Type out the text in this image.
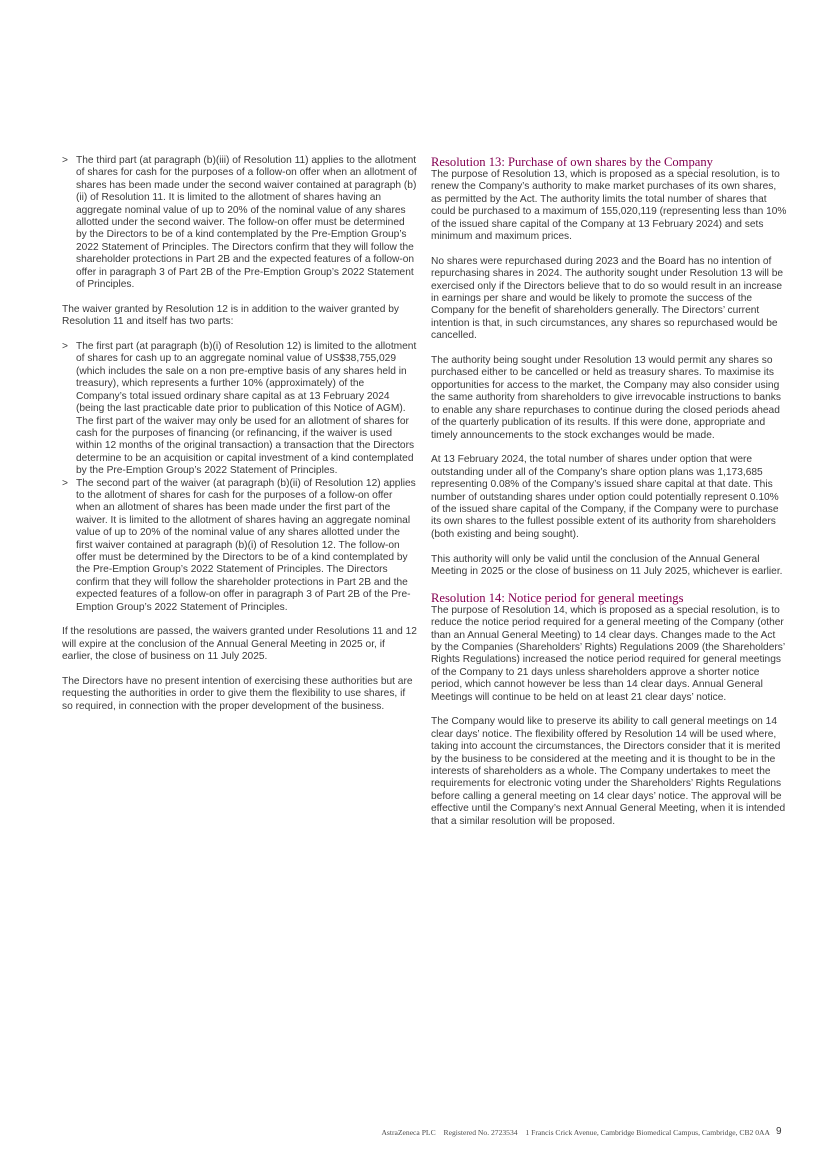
> The third part (at paragraph (b)(iii) of Resolution 11) applies to the allotment of shares for cash for the purposes of a follow-on offer when an allotment of shares has been made under the second waiver contained at paragraph (b)(ii) of Resolution 11. It is limited to the allotment of shares having an aggregate nominal value of up to 20% of the nominal value of any shares allotted under the second waiver. The follow-on offer must be determined by the Directors to be of a kind contemplated by the Pre-Emption Group’s 2022 Statement of Principles. The Directors confirm that they will follow the shareholder protections in Part 2B and the expected features of a follow-on offer in paragraph 3 of Part 2B of the Pre-Emption Group’s 2022 Statement of Principles.

The waiver granted by Resolution 12 is in addition to the waiver granted by Resolution 11 and itself has two parts:

> The first part (at paragraph (b)(i) of Resolution 12) is limited to the allotment of shares for cash up to an aggregate nominal value of US$38,755,029 (which includes the sale on a non pre-emptive basis of any shares held in treasury), which represents a further 10% (approximately) of the Company’s total issued ordinary share capital as at 13 February 2024 (being the last practicable date prior to publication of this Notice of AGM). The first part of the waiver may only be used for an allotment of shares for cash for the purposes of financing (or refinancing, if the waiver is used within 12 months of the original transaction) a transaction that the Directors determine to be an acquisition or capital investment of a kind contemplated by the Pre-Emption Group’s 2022 Statement of Principles.
> The second part of the waiver (at paragraph (b)(ii) of Resolution 12) applies to the allotment of shares for cash for the purposes of a follow-on offer when an allotment of shares has been made under the first part of the waiver. It is limited to the allotment of shares having an aggregate nominal value of up to 20% of the nominal value of any shares allotted under the first waiver contained at paragraph (b)(i) of Resolution 12. The follow-on offer must be determined by the Directors to be of a kind contemplated by the Pre-Emption Group’s 2022 Statement of Principles. The Directors confirm that they will follow the shareholder protections in Part 2B and the expected features of a follow-on offer in paragraph 3 of Part 2B of the Pre-Emption Group’s 2022 Statement of Principles.

If the resolutions are passed, the waivers granted under Resolutions 11 and 12 will expire at the conclusion of the Annual General Meeting in 2025 or, if earlier, the close of business on 11 July 2025.

The Directors have no present intention of exercising these authorities but are requesting the authorities in order to give them the flexibility to use shares, if so required, in connection with the proper development of the business.

Resolution 13: Purchase of own shares by the Company

The purpose of Resolution 13, which is proposed as a special resolution, is to renew the Company’s authority to make market purchases of its own shares, as permitted by the Act. The authority limits the total number of shares that could be purchased to a maximum of 155,020,119 (representing less than 10% of the issued share capital of the Company at 13 February 2024) and sets minimum and maximum prices.

No shares were repurchased during 2023 and the Board has no intention of repurchasing shares in 2024. The authority sought under Resolution 13 will be exercised only if the Directors believe that to do so would result in an increase in earnings per share and would be likely to promote the success of the Company for the benefit of shareholders generally. The Directors’ current intention is that, in such circumstances, any shares so repurchased would be cancelled.

The authority being sought under Resolution 13 would permit any shares so purchased either to be cancelled or held as treasury shares. To maximise its opportunities for access to the market, the Company may also consider using the same authority from shareholders to give irrevocable instructions to banks to enable any share repurchases to continue during the closed periods ahead of the quarterly publication of its results. If this were done, appropriate and timely announcements to the stock exchanges would be made.

At 13 February 2024, the total number of shares under option that were outstanding under all of the Company’s share option plans was 1,173,685 representing 0.08% of the Company’s issued share capital at that date. This number of outstanding shares under option could potentially represent 0.10% of the issued share capital of the Company, if the Company were to purchase its own shares to the fullest possible extent of its authority from shareholders (both existing and being sought).

This authority will only be valid until the conclusion of the Annual General Meeting in 2025 or the close of business on 11 July 2025, whichever is earlier.

Resolution 14: Notice period for general meetings

The purpose of Resolution 14, which is proposed as a special resolution, is to reduce the notice period required for a general meeting of the Company (other than an Annual General Meeting) to 14 clear days. Changes made to the Act by the Companies (Shareholders’ Rights) Regulations 2009 (the Shareholders’ Rights Regulations) increased the notice period required for general meetings of the Company to 21 days unless shareholders approve a shorter notice period, which cannot however be less than 14 clear days. Annual General Meetings will continue to be held on at least 21 clear days’ notice.

The Company would like to preserve its ability to call general meetings on 14 clear days’ notice. The flexibility offered by Resolution 14 will be used where, taking into account the circumstances, the Directors consider that it is merited by the business to be considered at the meeting and it is thought to be in the interests of shareholders as a whole. The Company undertakes to meet the requirements for electronic voting under the Shareholders’ Rights Regulations before calling a general meeting on 14 clear days’ notice. The approval will be effective until the Company’s next Annual General Meeting, when it is intended that a similar resolution will be proposed.

AstraZeneca PLC Registered No. 2723534 1 Francis Crick Avenue, Cambridge Biomedical Campus, Cambridge, CB2 0AA 9
